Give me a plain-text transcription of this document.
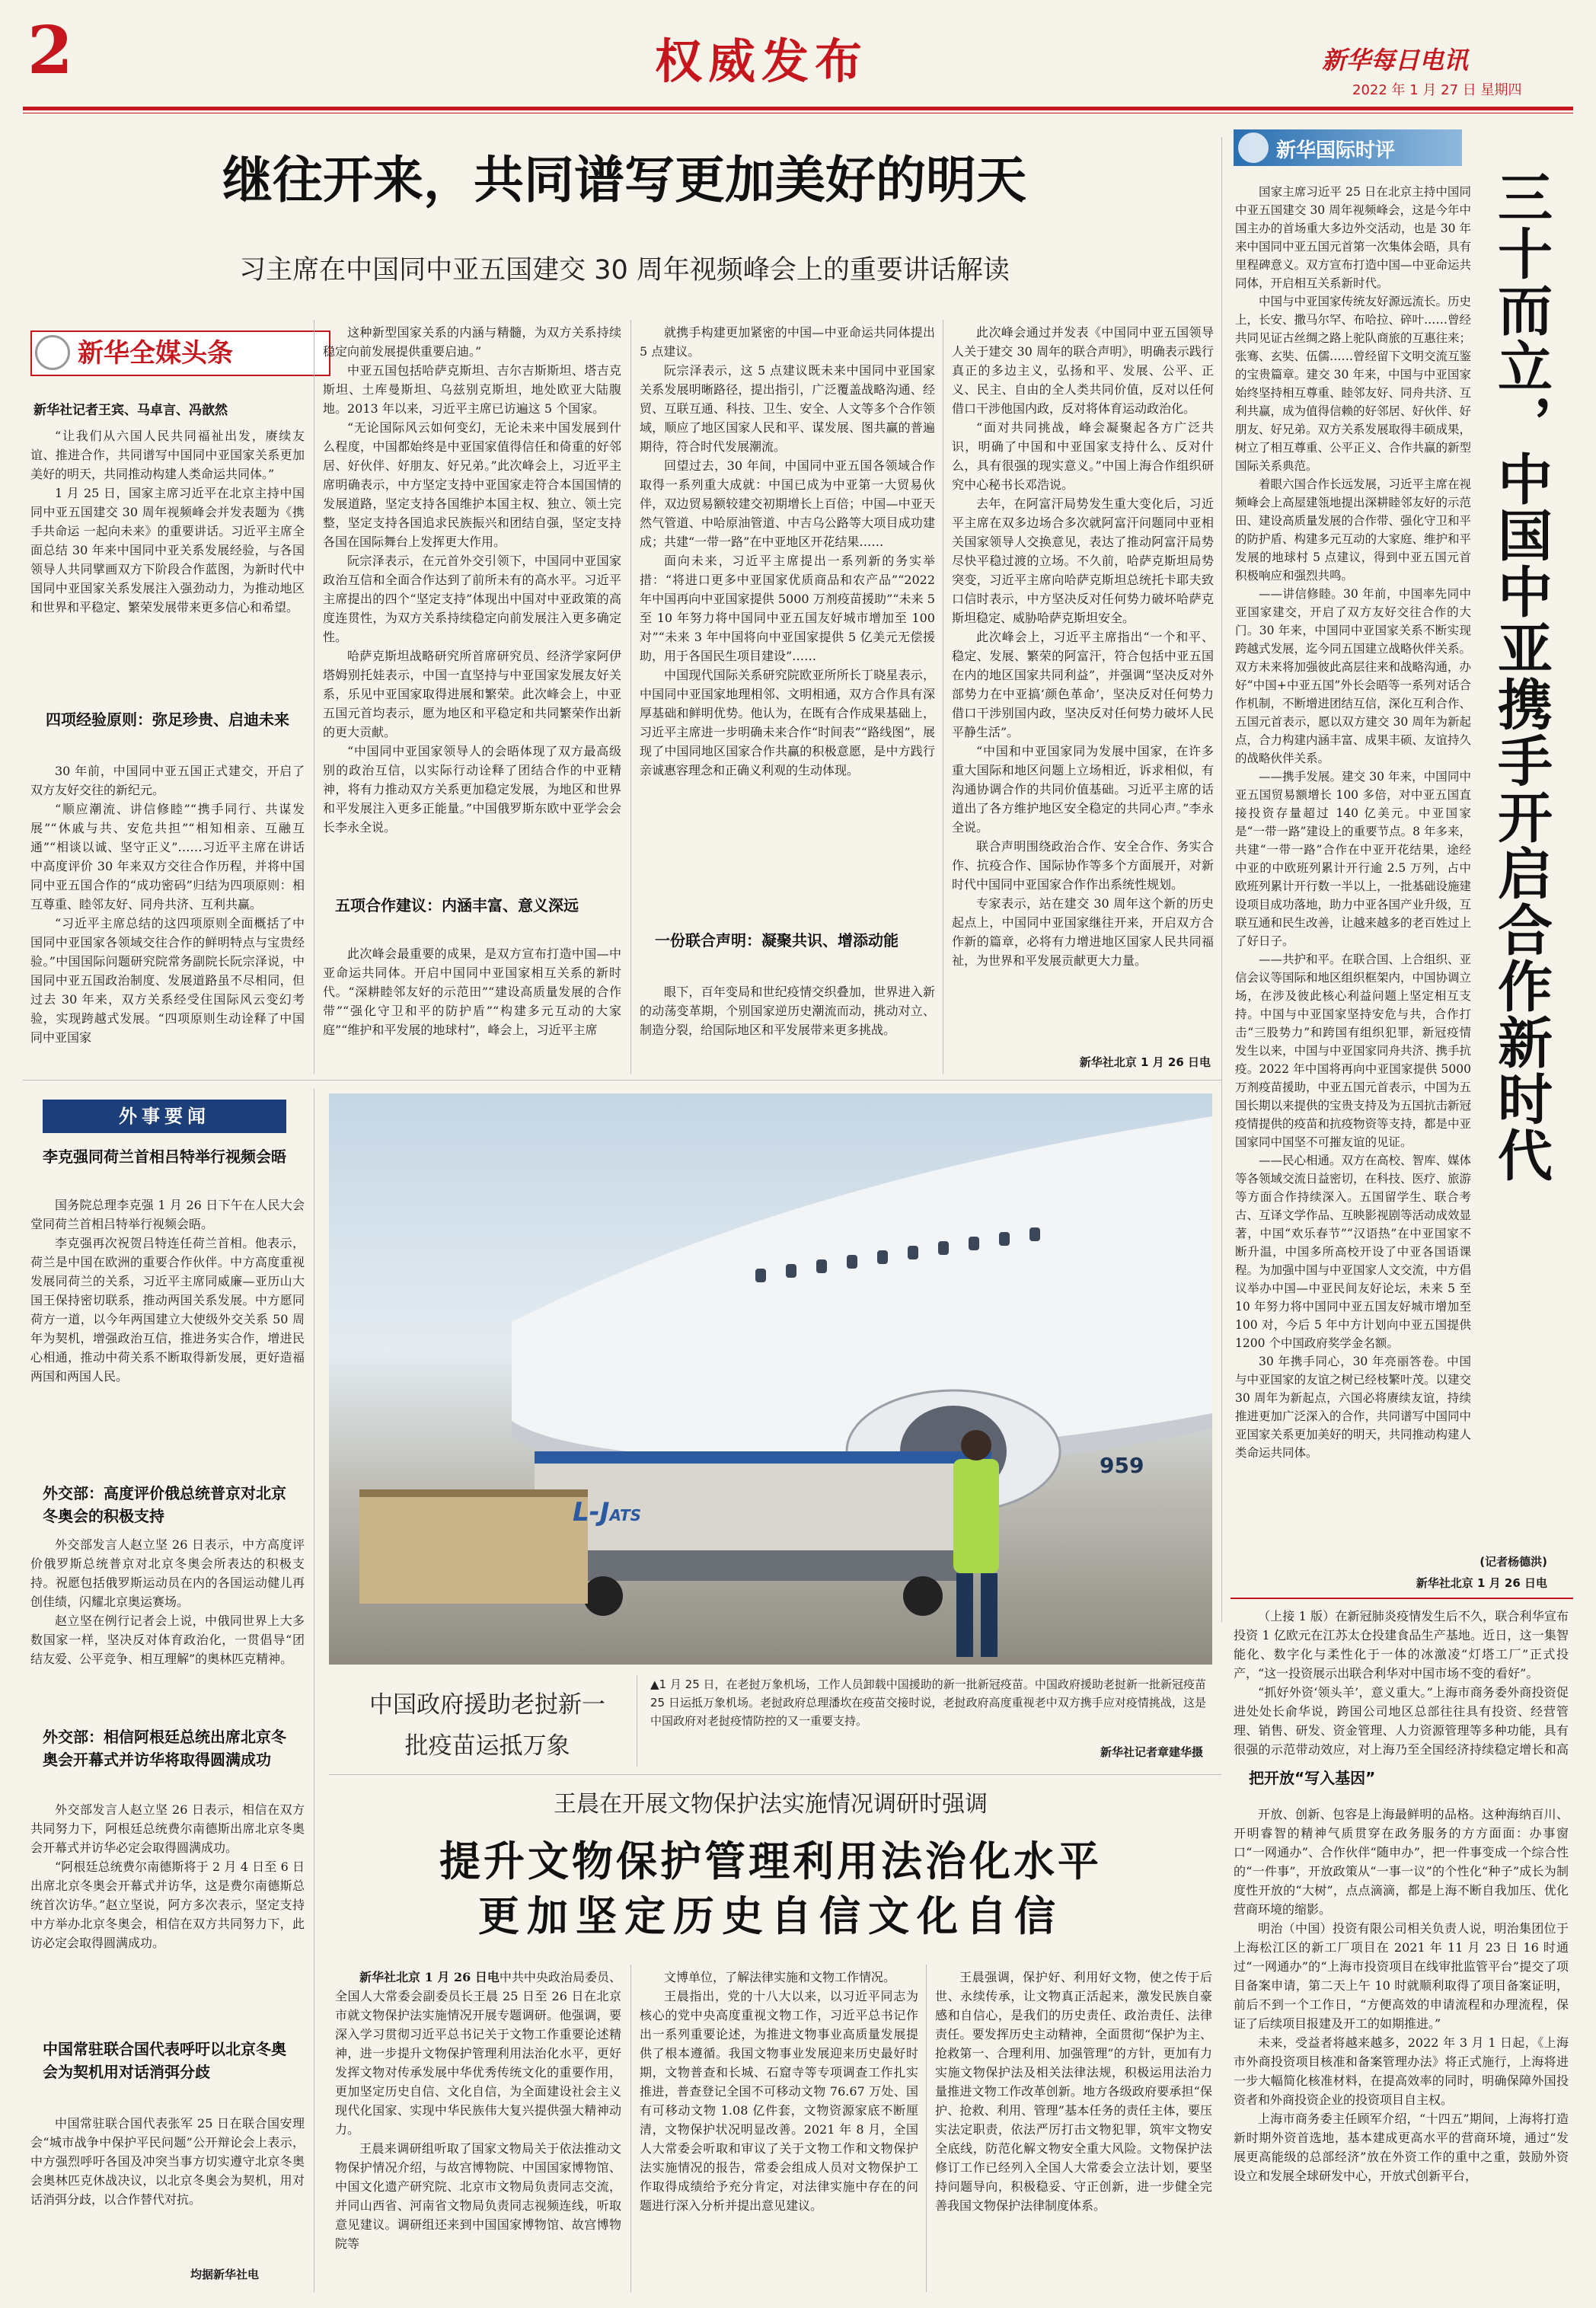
2	权威发布	新华每日电讯
2022 年 1 月 27 日 星期四
继往开来，共同谱写更加美好的明天
习主席在中国同中亚五国建交 30 周年视频峰会上的重要讲话解读
新华全媒头条
新华社记者王宾、马卓言、冯歆然

“让我们从六国人民共同福祉出发，赓续友谊、推进合作，共同谱写中国同中亚国家关系更加美好的明天，共同推动构建人类命运共同体。”

1 月 25 日，国家主席习近平在北京主持中国同中亚五国建交 30 周年视频峰会并发表题为《携手共命运 一起向未来》的重要讲话。习近平主席全面总结 30 年来中国同中亚关系发展经验，与各国领导人共同擘画双方下阶段合作蓝图，为新时代中国同中亚国家关系发展注入强劲动力，为推动地区和世界和平稳定、繁荣发展带来更多信心和希望。

四项经验原则：弥足珍贵、启迪未来

30 年前，中国同中亚五国正式建交，开启了双方友好交往的新纪元。

“顺应潮流、讲信修睦”“携手同行、共谋发展”“休戚与共、安危共担”“相知相亲、互融互通”“相谈以诚、坚守正义”……习近平主席在讲话中高度评价 30 年来双方交往合作历程，并将中国同中亚五国合作的“成功密码”归结为四项原则：相互尊重、睦邻友好、同舟共济、互利共赢。

“习近平主席总结的这四项原则全面概括了中国同中亚国家各领域交往合作的鲜明特点与宝贵经验。”中国国际问题研究院常务副院长阮宗泽说，中国同中亚五国政治制度、发展道路虽不尽相同，但过去 30 年来，双方关系经受住国际风云变幻考验，实现跨越式发展。“四项原则生动诠释了中国同中亚国家

这种新型国家关系的内涵与精髓，为双方关系持续稳定向前发展提供重要启迪。”

中亚五国包括哈萨克斯坦、吉尔吉斯斯坦、塔吉克斯坦、土库曼斯坦、乌兹别克斯坦，地处欧亚大陆腹地。2013 年以来，习近平主席已访遍这 5 个国家。

“无论国际风云如何变幻，无论未来中国发展到什么程度，中国都始终是中亚国家值得信任和倚重的好邻居、好伙伴、好朋友、好兄弟。”此次峰会上，习近平主席明确表示，中方坚定支持中亚国家走符合本国国情的发展道路，坚定支持各国维护本国主权、独立、领土完整，坚定支持各国追求民族振兴和团结自强，坚定支持各国在国际舞台上发挥更大作用。

阮宗泽表示，在元首外交引领下，中国同中亚国家政治互信和全面合作达到了前所未有的高水平。习近平主席提出的四个“坚定支持”体现出中国对中亚政策的高度连贯性，为双方关系持续稳定向前发展注入更多确定性。

哈萨克斯坦战略研究所首席研究员、经济学家阿伊塔姆别托娃表示，中国一直坚持与中亚国家发展友好关系，乐见中亚国家取得进展和繁荣。此次峰会上，中亚五国元首均表示，愿为地区和平稳定和共同繁荣作出新的更大贡献。

“中国同中亚国家领导人的会晤体现了双方最高级别的政治互信，以实际行动诠释了团结合作的中亚精神，将有力推动双方关系更加稳定发展，为地区和世界和平发展注入更多正能量。”中国俄罗斯东欧中亚学会会长李永全说。

五项合作建议：内涵丰富、意义深远

此次峰会最重要的成果，是双方宣布打造中国—中亚命运共同体。开启中国同中亚国家相互关系的新时代。“深耕睦邻友好的示范田”“建设高质量发展的合作带”“强化守卫和平的防护盾”“构建多元互动的大家庭”“维护和平发展的地球村”，峰会上，习近平主席

就携手构建更加紧密的中国—中亚命运共同体提出 5 点建议。

阮宗泽表示，这 5 点建议既未来中国同中亚国家关系发展明晰路径，提出指引，广泛覆盖战略沟通、经贸、互联互通、科技、卫生、安全、人文等多个合作领域，顺应了地区国家人民和平、谋发展、图共赢的普遍期待，符合时代发展潮流。

回望过去，30 年间，中国同中亚五国各领域合作取得一系列重大成就：中国已成为中亚第一大贸易伙伴，双边贸易额较建交初期增长上百倍；中国—中亚天然气管道、中哈原油管道、中吉乌公路等大项目成功建成；共建“一带一路”在中亚地区开花结果……

面向未来，习近平主席提出一系列新的务实举措：“将进口更多中亚国家优质商品和农产品”“2022 年中国再向中亚国家提供 5000 万剂疫苗援助”“未来 5 至 10 年努力将中国同中亚五国友好城市增加至 100 对”“未来 3 年中国将向中亚国家提供 5 亿美元无偿援助，用于各国民生项目建设”……

中国现代国际关系研究院欧亚所所长丁晓星表示，中国同中亚国家地理相邻、文明相通，双方合作具有深厚基础和鲜明优势。他认为，在既有合作成果基础上，习近平主席进一步明确未来合作“时间表”“路线图”，展现了中国同地区国家合作共赢的积极意愿，是中方践行亲诚惠容理念和正确义利观的生动体现。

一份联合声明：凝聚共识、增添动能

眼下，百年变局和世纪疫情交织叠加，世界进入新的动荡变革期，个别国家逆历史潮流而动，挑动对立、制造分裂，给国际地区和平发展带来更多挑战。

此次峰会通过并发表《中国同中亚五国领导人关于建交 30 周年的联合声明》，明确表示践行真正的多边主义，弘扬和平、发展、公平、正义、民主、自由的全人类共同价值，反对以任何借口干涉他国内政，反对将体育运动政治化。

“面对共同挑战，峰会凝聚起各方广泛共识，明确了中国和中亚国家支持什么、反对什么，具有很强的现实意义。”中国上海合作组织研究中心秘书长邓浩说。

去年，在阿富汗局势发生重大变化后，习近平主席在双多边场合多次就阿富汗问题同中亚相关国家领导人交换意见，表达了推动阿富汗局势尽快平稳过渡的立场。不久前，哈萨克斯坦局势突变，习近平主席向哈萨克斯坦总统托卡耶夫致口信时表示，中方坚决反对任何势力破坏哈萨克斯坦稳定、威胁哈萨克斯坦安全。

此次峰会上，习近平主席指出“一个和平、稳定、发展、繁荣的阿富汗，符合包括中亚五国在内的地区国家共同利益”，并强调“坚决反对外部势力在中亚搞‘颜色革命’，坚决反对任何势力借口干涉别国内政，坚决反对任何势力破坏人民平静生活”。

“中国和中亚国家同为发展中国家，在许多重大国际和地区问题上立场相近，诉求相似，有沟通协调合作的共同价值基础。习近平主席的话道出了各方维护地区安全稳定的共同心声。”李永全说。

联合声明围绕政治合作、安全合作、务实合作、抗疫合作、国际协作等多个方面展开，对新时代中国同中亚国家合作作出系统性规划。

专家表示，站在建交 30 周年这个新的历史起点上，中国同中亚国家继往开来，开启双方合作新的篇章，必将有力增进地区国家人民共同福祉，为世界和平发展贡献更大力量。

新华社北京 1 月 26 日电
新华国际时评
三十而立，中国中亚携手开启合作新时代

国家主席习近平 25 日在北京主持中国同中亚五国建交 30 周年视频峰会，这是今年中国主办的首场重大多边外交活动，也是 30 年来中国同中亚五国元首第一次集体会晤，具有里程碑意义。双方宣布打造中国—中亚命运共同体，开启相互关系新时代。

中国与中亚国家传统友好源远流长。历史上，长安、撒马尔罕、布哈拉、碎叶……曾经共同见证古丝绸之路上驼队商旅的互惠往来；张骞、玄奘、伍儒……曾经留下文明交流互鉴的宝贵篇章。建交 30 年来，中国与中亚国家始终坚持相互尊重、睦邻友好、同舟共济、互利共赢，成为值得信赖的好邻居、好伙伴、好朋友、好兄弟。双方关系发展取得丰硕成果，树立了相互尊重、公平正义、合作共赢的新型国际关系典范。

着眼六国合作长远发展，习近平主席在视频峰会上高屋建瓴地提出深耕睦邻友好的示范田、建设高质量发展的合作带、强化守卫和平的防护盾、构建多元互动的大家庭、维护和平发展的地球村 5 点建议，得到中亚五国元首积极响应和强烈共鸣。

——讲信修睦。30 年前，中国率先同中亚国家建交，开启了双方友好交往合作的大门。30 年来，中国同中亚国家关系不断实现跨越式发展，迄今同五国建立战略伙伴关系。双方未来将加强彼此高层往来和战略沟通，办好“中国+中亚五国”外长会晤等一系列对话合作机制，不断增进团结互信，深化互利合作、五国元首表示，愿以双方建交 30 周年为新起点，合力构建内涵丰富、成果丰硕、友谊持久的战略伙伴关系。

——携手发展。建交 30 年来，中国同中亚五国贸易额增长 100 多倍，对中亚五国直接投资存量超过 140 亿美元。中亚国家是“一带一路”建设上的重要节点。8 年多来，共建“一带一路”合作在中亚开花结果，途经中亚的中欧班列累计开行逾 2.5 万列，占中欧班列累计开行数一半以上，一批基础设施建设项目成功落地，助力中亚各国产业升级，互联互通和民生改善，让越来越多的老百姓过上了好日子。

——共护和平。在联合国、上合组织、亚信会议等国际和地区组织框架内，中国协调立场，在涉及彼此核心利益问题上坚定相互支持。中国与中亚国家坚持安危与共，合作打击“三股势力”和跨国有组织犯罪，新冠疫情发生以来，中国与中亚国家同舟共济、携手抗疫。2022 年中国将再向中亚国家提供 5000 万剂疫苗援助，中亚五国元首表示，中国为五国长期以来提供的宝贵支持及为五国抗击新冠疫情提供的疫苗和抗疫物资等支持，都是中亚国家同中国坚不可摧友谊的见证。

——民心相通。双方在高校、智库、媒体等各领域交流日益密切，在科技、医疗、旅游等方面合作持续深入。五国留学生、联合考古、互译文学作品、互映影视剧等活动成效显著，中国“欢乐春节”“汉语热”在中亚国家不断升温，中国多所高校开设了中亚各国语课程。为加强中国与中亚国家人文交流，中方倡议举办中国—中亚民间友好论坛，未来 5 至 10 年努力将中国同中亚五国友好城市增加至 100 对，今后 5 年中方计划向中亚五国提供 1200 个中国政府奖学金名额。

30 年携手同心，30 年亮丽答卷。中国与中亚国家的友谊之树已经枝繁叶茂。以建交 30 周年为新起点，六国必将赓续友谊，持续推进更加广泛深入的合作，共同谱写中国同中亚国家关系更加美好的明天，共同推动构建人类命运共同体。

(记者杨德洪)
新华社北京 1 月 26 日电
外事要闻
李克强同荷兰首相吕特举行视频会晤

国务院总理李克强 1 月 26 日下午在人民大会堂同荷兰首相吕特举行视频会晤。

李克强再次祝贺吕特连任荷兰首相。他表示，荷兰是中国在欧洲的重要合作伙伴。中方高度重视发展同荷兰的关系，习近平主席同威廉—亚历山大国王保持密切联系，推动两国关系发展。中方愿同荷方一道，以今年两国建立大使级外交关系 50 周年为契机，增强政治互信，推进务实合作，增进民心相通，推动中荷关系不断取得新发展，更好造福两国和两国人民。

外交部：高度评价俄总统普京对北京冬奥会的积极支持

外交部发言人赵立坚 26 日表示，中方高度评价俄罗斯总统普京对北京冬奥会所表达的积极支持。祝愿包括俄罗斯运动员在内的各国运动健儿再创佳绩，闪耀北京奥运赛场。

赵立坚在例行记者会上说，中俄同世界上大多数国家一样，坚决反对体育政治化，一贯倡导“团结友爱、公平竞争、相互理解”的奥林匹克精神。

外交部：相信阿根廷总统出席北京冬奥会开幕式并访华将取得圆满成功

外交部发言人赵立坚 26 日表示，相信在双方共同努力下，阿根廷总统费尔南德斯出席北京冬奥会开幕式并访华必定会取得圆满成功。

“阿根廷总统费尔南德斯将于 2 月 4 日至 6 日出席北京冬奥会开幕式并访华，这是费尔南德斯总统首次访华。”赵立坚说，阿方多次表示，坚定支持中方举办北京冬奥会，相信在双方共同努力下，此访必定会取得圆满成功。

中国常驻联合国代表呼吁以北京冬奥会为契机用对话消弭分歧

中国常驻联合国代表张军 25 日在联合国安理会“城市战争中保护平民问题”公开辩论会上表示，中方强烈呼吁各国及冲突当事方切实遵守北京冬奥会奥林匹克休战决议，以北京冬奥会为契机，用对话消弭分歧，以合作替代对抗。

均据新华社电
959
L-JATS
中国政府援助老挝新一批疫苗运抵万象
▲1 月 25 日，在老挝万象机场，工作人员卸载中国援助的新一批新冠疫苗。中国政府援助老挝新一批新冠疫苗 25 日运抵万象机场。老挝政府总理潘坎在疫苗交接时说，老挝政府高度重视老中双方携手应对疫情挑战，这是中国政府对老挝疫情防控的又一重要支持。
新华社记者章建华摄
王晨在开展文物保护法实施情况调研时强调
提升文物保护管理利用法治化水平
更加坚定历史自信文化自信

新华社北京 1 月 26 日电中共中央政治局委员、全国人大常委会副委员长王晨 25 日至 26 日在北京市就文物保护法实施情况开展专题调研。他强调，要深入学习贯彻习近平总书记关于文物工作重要论述精神，进一步提升文物保护管理利用法治化水平，更好发挥文物对传承发展中华优秀传统文化的重要作用，更加坚定历史自信、文化自信，为全面建设社会主义现代化国家、实现中华民族伟大复兴提供强大精神动力。

王晨来调研组听取了国家文物局关于依法推动文物保护情况介绍，与故宫博物院、中国国家博物馆、中国文化遗产研究院、北京市文物局负责同志交流，并同山西省、河南省文物局负责同志视频连线，听取意见建议。调研组还来到中国国家博物馆、故宫博物院等

文博单位，了解法律实施和文物工作情况。

王晨指出，党的十八大以来，以习近平同志为核心的党中央高度重视文物工作，习近平总书记作出一系列重要论述，为推进文物事业高质量发展提供了根本遵循。我国文物事业发展迎来历史最好时期，文物普查和长城、石窟寺等专项调查工作扎实推进，普查登记全国不可移动文物 76.67 万处、国有可移动文物 1.08 亿件套，文物资源家底不断厘清，文物保护状况明显改善。2021 年 8 月，全国人大常委会听取和审议了关于文物工作和文物保护法实施情况的报告，常委会组成人员对文物保护工作取得成绩给予充分肯定，对法律实施中存在的问题进行深入分析并提出意见建议。

王晨强调，保护好、利用好文物，使之传于后世、永续传承，让文物真正活起来，激发民族自豪感和自信心，是我们的历史责任、政治责任、法律责任。要发挥历史主动精神，全面贯彻“保护为主、抢救第一、合理利用、加强管理”的方针，更加有力实施文物保护法及相关法律法规，积极运用法治力量推进文物工作改革创新。地方各级政府要承担“保护、抢救、利用、管理”基本任务的责任主体，要压实法定职责，依法严厉打击文物犯罪，筑牢文物安全底线，防范化解文物安全重大风险。文物保护法修订工作已经列入全国人大常委会立法计划，要坚持问题导向，积极稳妥、守正创新，进一步健全完善我国文物保护法律制度体系。

（上接 1 版）在新冠肺炎疫情发生后不久，联合利华宣布投资 1 亿欧元在江苏太仓投建食品生产基地。近日，这一集智能化、数字化与柔性化于一体的冰激凌“灯塔工厂”正式投产，“这一投资展示出联合利华对中国市场不变的看好”。

“抓好外资‘领头羊’，意义重大。”上海市商务委外商投资促进处处长俞华说，跨国公司地区总部往往具有投资、经营管理、销售、研发、资金管理、人力资源管理等多种功能，具有很强的示范带动效应，对上海乃至全国经济持续稳定增长和高

把开放“写入基因”

开放、创新、包容是上海最鲜明的品格。这种海纳百川、开明睿智的精神气质贯穿在政务服务的方方面面：办事窗口“一网通办”、合作伙伴“随申办”，把一件事变成一个综合性的“一件事”，开放政策从“一事一议”的个性化“种子”成长为制度性开放的“大树”，点点滴滴，都是上海不断自我加压、优化营商环境的缩影。

明治（中国）投资有限公司相关负责人说，明治集团位于上海松江区的新工厂项目在 2021 年 11 月 23 日 16 时通过“一网通办”的“上海市投资项目在线审批监管平台”提交了项目备案申请，第二天上午 10 时就顺利取得了项目备案证明，前后不到一个工作日，“方便高效的申请流程和办理流程，保证了后续项目报建及开工的如期推进。”

未来，受益者将越来越多，2022 年 3 月 1 日起，《上海市外商投资项目核准和备案管理办法》将正式施行，上海将进一步大幅简化核准材料，在提高效率的同时，明确保障外国投资者和外商投资企业的投资项目自主权。

上海市商务委主任顾军介绍，“十四五”期间，上海将打造新时期外资首选地，基本建成更高水平的营商环境，通过“发展更高能级的总部经济”放在外资工作的重中之重，鼓励外资设立和发展全球研发中心，开放式创新平台，
